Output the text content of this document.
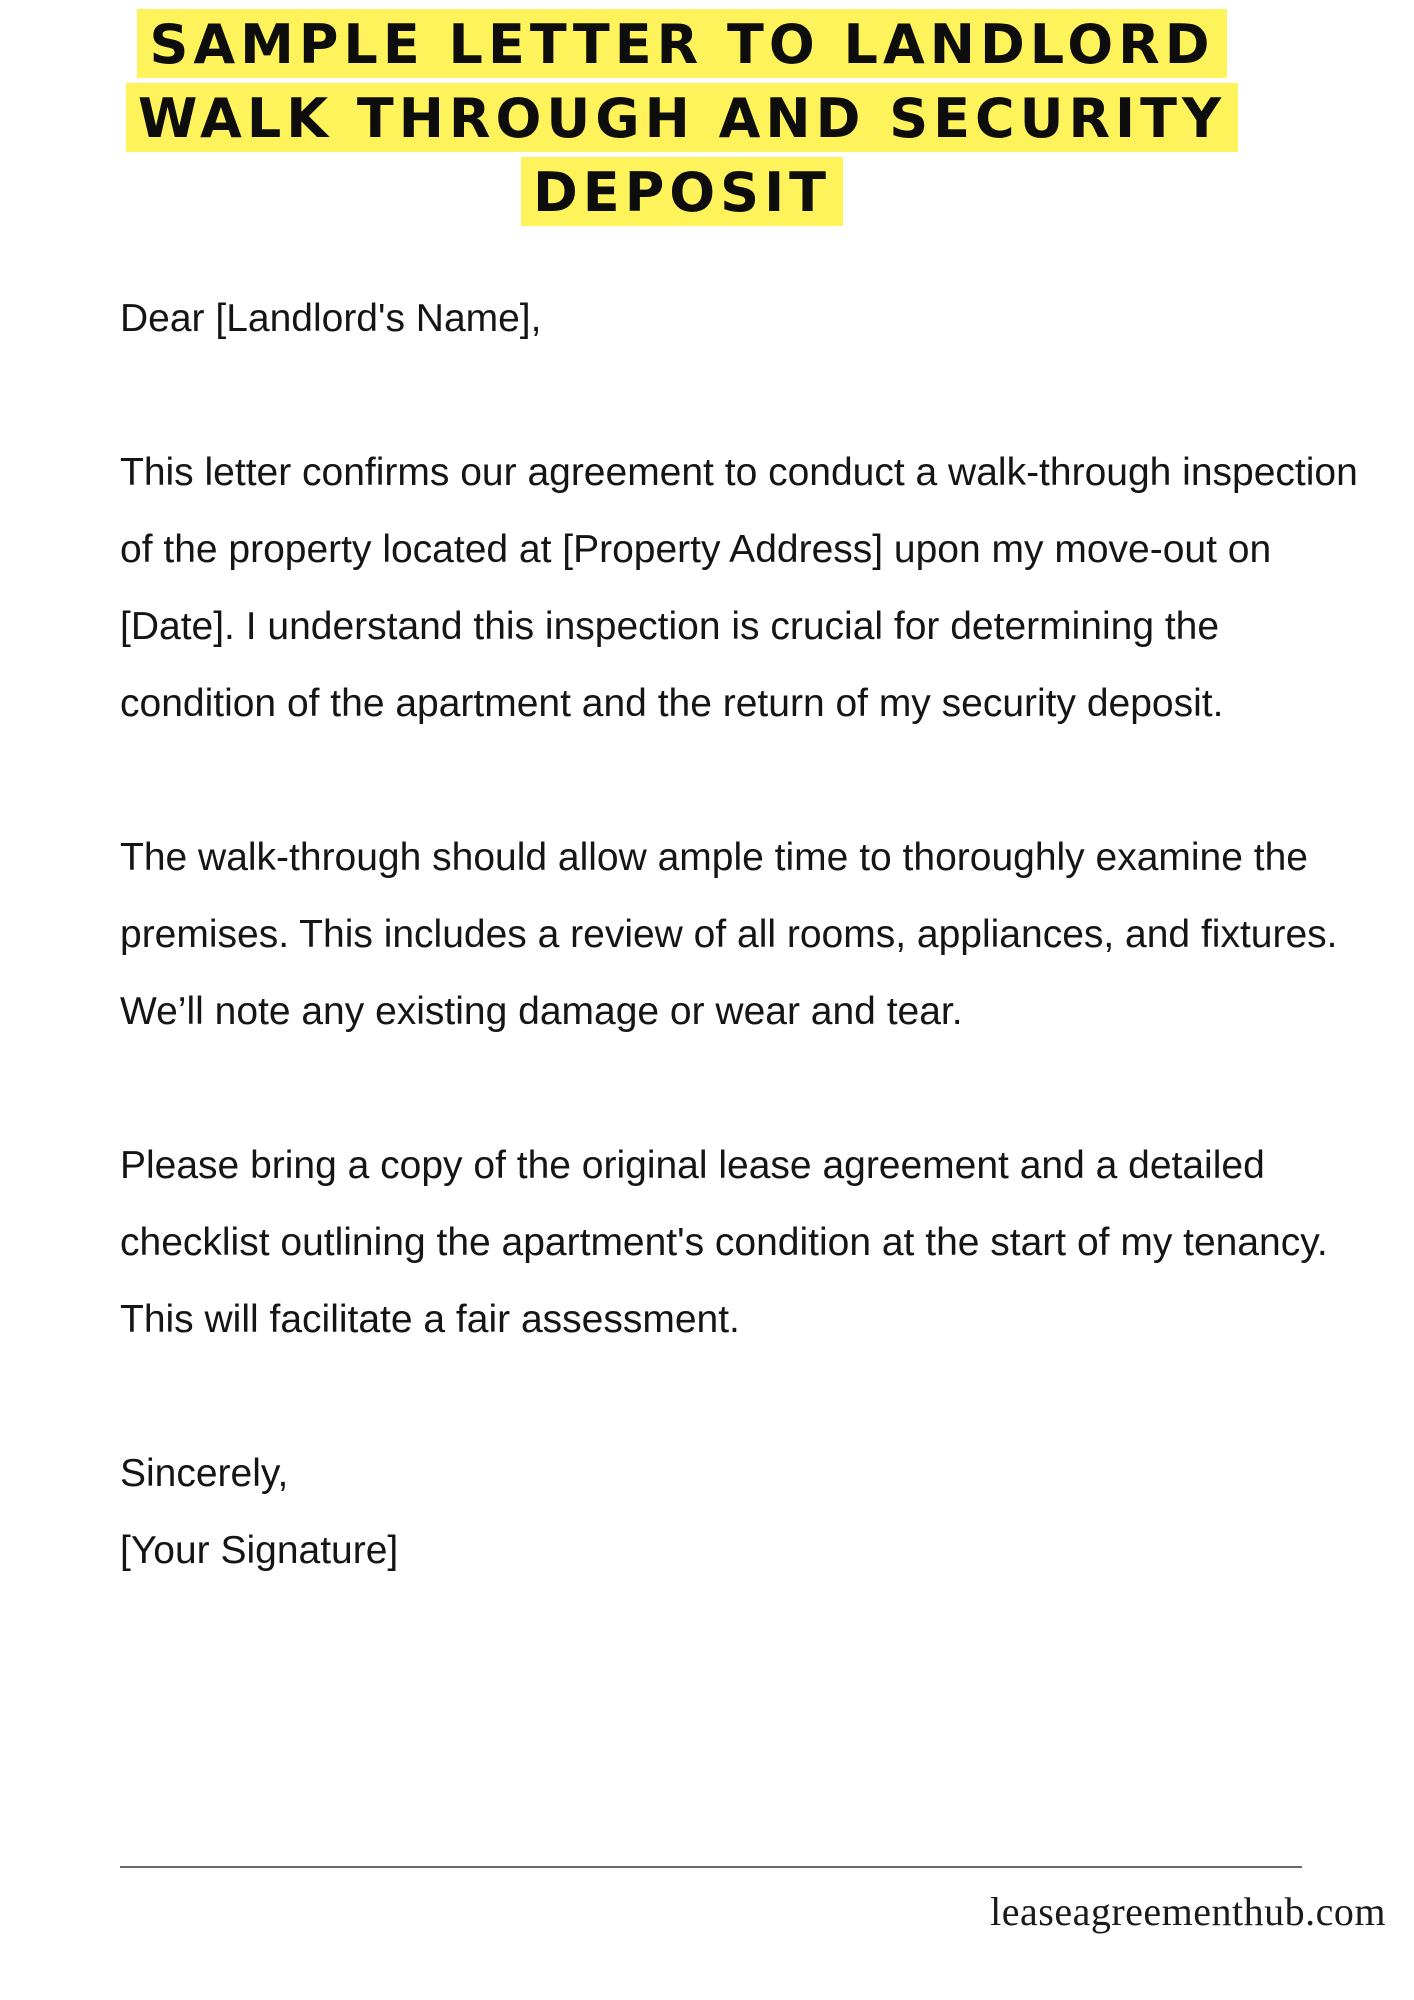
SAMPLE LETTER TO LANDLORD
WALK THROUGH AND SECURITY
DEPOSIT

Dear [Landlord's Name],

This letter confirms our agreement to conduct a walk-through inspection of the property located at [Property Address] upon my move-out on [Date]. I understand this inspection is crucial for determining the condition of the apartment and the return of my security deposit.

The walk-through should allow ample time to thoroughly examine the premises. This includes a review of all rooms, appliances, and fixtures. We’ll note any existing damage or wear and tear.

Please bring a copy of the original lease agreement and a detailed checklist outlining the apartment's condition at the start of my tenancy. This will facilitate a fair assessment.

Sincerely,

[Your Signature]

leaseagreementhub.com
